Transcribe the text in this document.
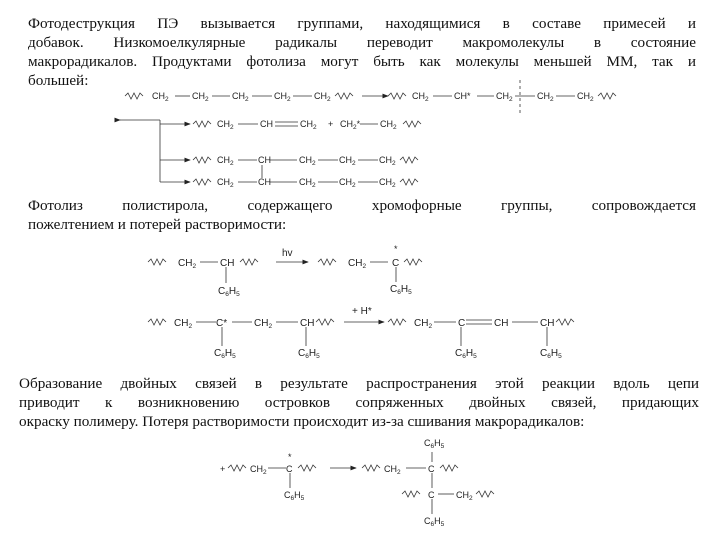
Фотодеструкция ПЭ вызывается группами, находящимися в составе примесей и
добавок. Низкомоелкулярные радикалы переводит макромолекулы в состояние
макрорадикалов. Продуктами фотолиза могут быть как молекулы меньшей ММ, так и
большей:
Фотолиз полистирола, содержащего хромофорные группы, сопровождается
пожелтением и потерей растворимости:
Образование двойных связей в результате распространения этой реакции вдоль цепи
приводит к возникновению островков сопряженных двойных связей, придающих
окраску полимеру. Потеря растворимости происходит из-за сшивания макрорадикалов:
$CH_2$	$CH_2$	$CH_2$	$CH_2$	$CH_2$	$CH_2$	CH*	$CH_2$	$CH_2$	$CH_2$
$CH_2$	CH	$CH_2 + CH_2*$ $CH_2$
$CH_2$	CH	$CH_2$	$CH_2$	$CH_2$
$CH_2$	CH	$CH_2$	$CH_2$	$CH_2$
$CH_2$ CH
$C_6H_5$
hv
$CH_2$	C
*
$C_6H_5$
$CH_2$ C*	$CH_2$	CH
$C_6H_5$	$C_6H_5$
+ H*
$CH_2$	C	CH	CH
$C_6H_5$	$C_6H_5$
+	$CH_2$ C
*
$C_6H_5$
$C_6H_5$
$CH_2$	C
C $CH_2$
$C_6H_5$
